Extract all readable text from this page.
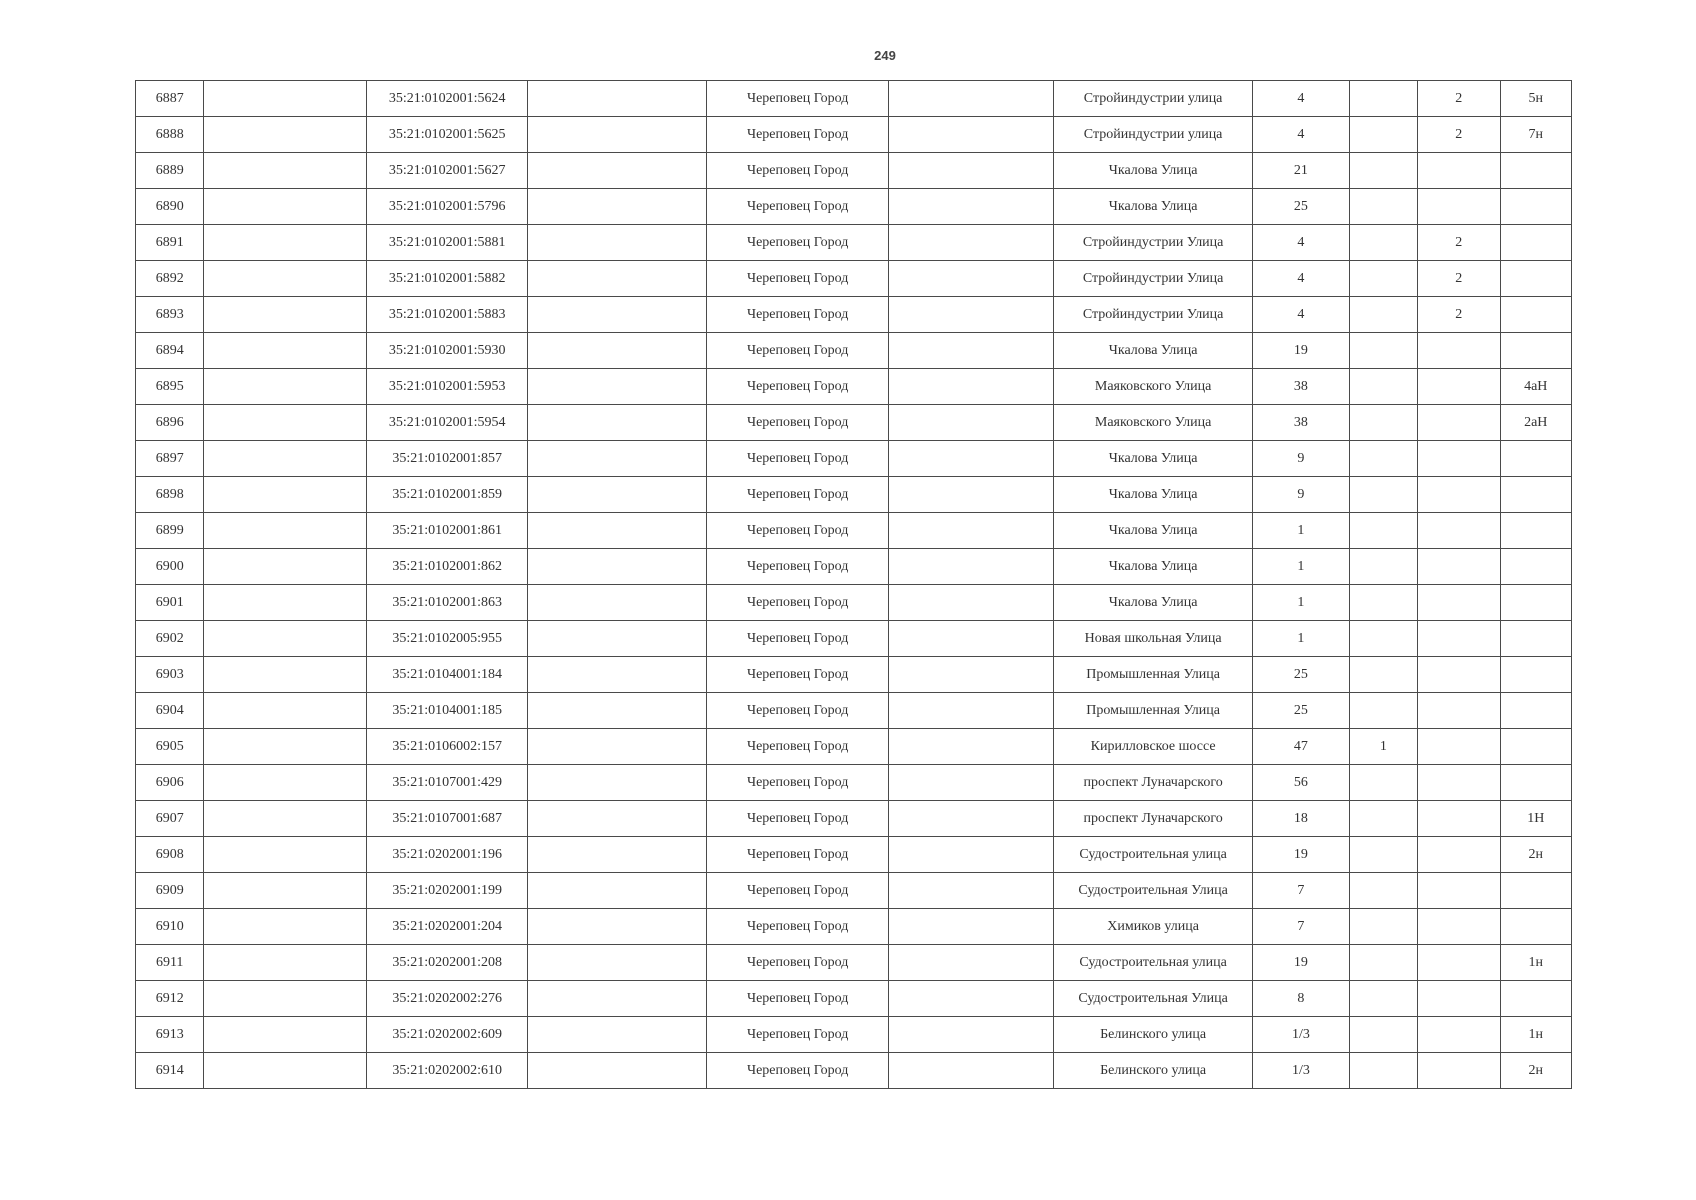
249
6887		35:21:0102001:5624		Череповец Город		Стройиндустрии улица	4		2	5н
6888		35:21:0102001:5625		Череповец Город		Стройиндустрии улица	4		2	7н
6889		35:21:0102001:5627		Череповец Город		Чкалова Улица	21			
6890		35:21:0102001:5796		Череповец Город		Чкалова Улица	25			
6891		35:21:0102001:5881		Череповец Город		Стройиндустрии Улица	4		2	
6892		35:21:0102001:5882		Череповец Город		Стройиндустрии Улица	4		2	
6893		35:21:0102001:5883		Череповец Город		Стройиндустрии Улица	4		2	
6894		35:21:0102001:5930		Череповец Город		Чкалова Улица	19			
6895		35:21:0102001:5953		Череповец Город		Маяковского Улица	38			4аН
6896		35:21:0102001:5954		Череповец Город		Маяковского Улица	38			2аН
6897		35:21:0102001:857		Череповец Город		Чкалова Улица	9			
6898		35:21:0102001:859		Череповец Город		Чкалова Улица	9			
6899		35:21:0102001:861		Череповец Город		Чкалова Улица	1			
6900		35:21:0102001:862		Череповец Город		Чкалова Улица	1			
6901		35:21:0102001:863		Череповец Город		Чкалова Улица	1			
6902		35:21:0102005:955		Череповец Город		Новая школьная Улица	1			
6903		35:21:0104001:184		Череповец Город		Промышленная Улица	25			
6904		35:21:0104001:185		Череповец Город		Промышленная Улица	25			
6905		35:21:0106002:157		Череповец Город		Кирилловское шоссе	47	1		
6906		35:21:0107001:429		Череповец Город		проспект Луначарского	56			
6907		35:21:0107001:687		Череповец Город		проспект Луначарского	18			1Н
6908		35:21:0202001:196		Череповец Город		Судостроительная улица	19			2н
6909		35:21:0202001:199		Череповец Город		Судостроительная Улица	7			
6910		35:21:0202001:204		Череповец Город		Химиков улица	7			
6911		35:21:0202001:208		Череповец Город		Судостроительная улица	19			1н
6912		35:21:0202002:276		Череповец Город		Судостроительная Улица	8			
6913		35:21:0202002:609		Череповец Город		Белинского улица	1/3			1н
6914		35:21:0202002:610		Череповец Город		Белинского улица	1/3			2н
